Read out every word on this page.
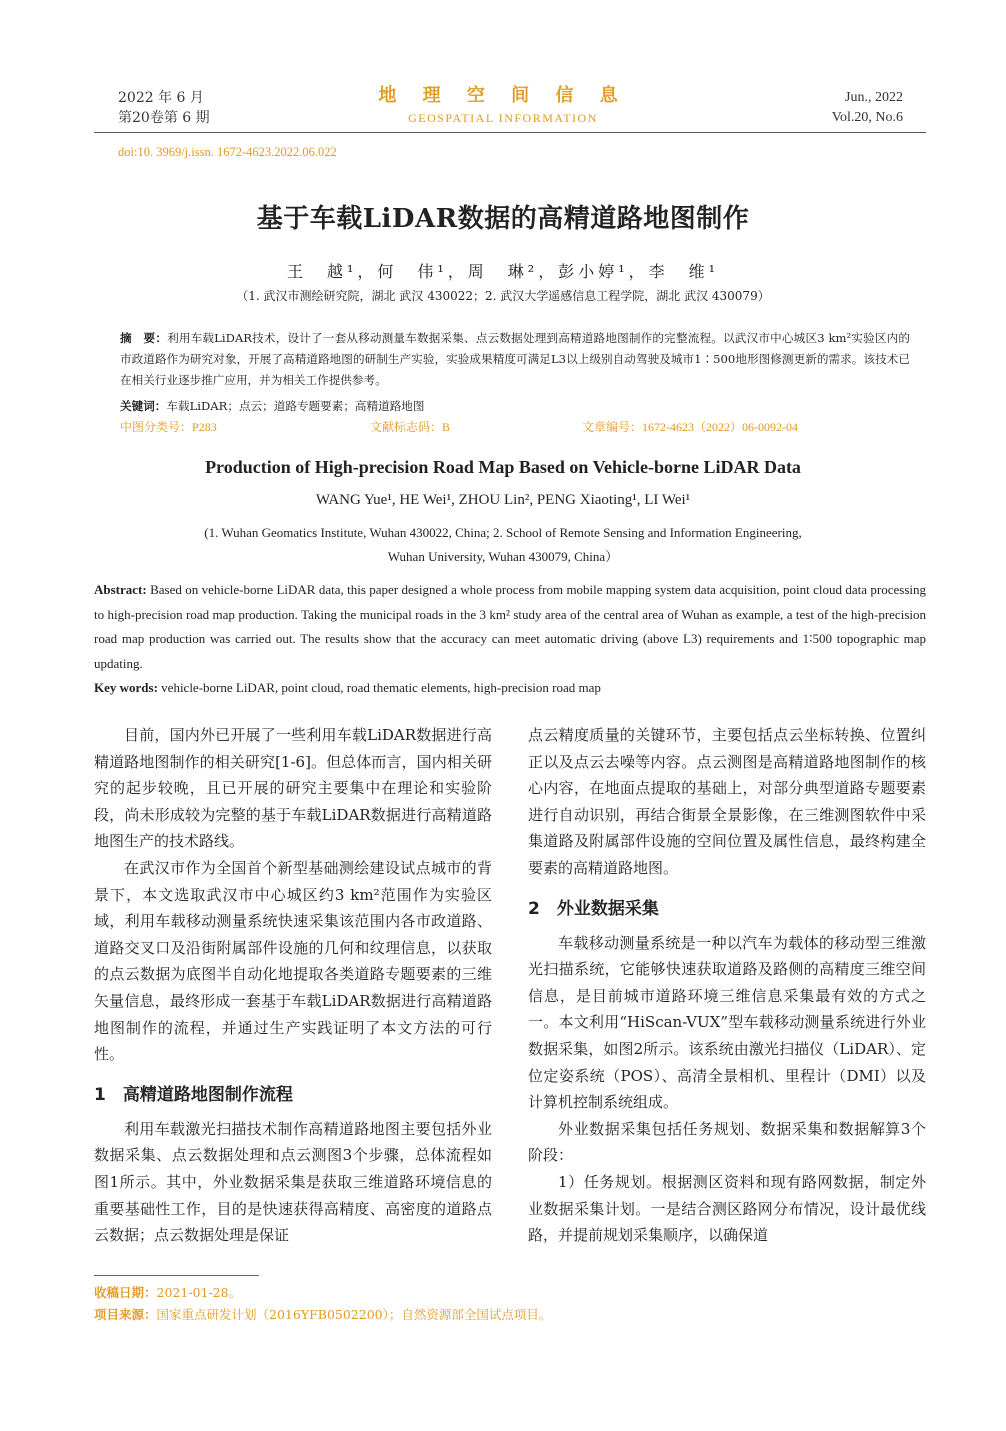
2022 年 6 月
第20卷第 6 期
地 理 空 间 信 息
GEOSPATIAL INFORMATION
Jun., 2022
Vol.20, No.6
doi:10. 3969/j.issn. 1672-4623.2022.06.022
基于车载LiDAR数据的高精道路地图制作
王　越¹，何　伟¹，周　琳²，彭小婷¹，李　维¹
（1. 武汉市测绘研究院，湖北 武汉 430022；2. 武汉大学遥感信息工程学院，湖北 武汉 430079）
摘　要：利用车载LiDAR技术，设计了一套从移动测量车数据采集、点云数据处理到高精道路地图制作的完整流程。以武汉市中心城区3 km²实验区内的市政道路作为研究对象，开展了高精道路地图的研制生产实验，实验成果精度可满足L3以上级别自动驾驶及城市1∶500地形图修测更新的需求。该技术已在相关行业逐步推广应用，并为相关工作提供参考。
关键词：车载LiDAR；点云；道路专题要素；高精道路地图
中图分类号：P283	文献标志码：B	文章编号：1672-4623（2022）06-0092-04
Production of High-precision Road Map Based on Vehicle-borne LiDAR Data
WANG Yue¹, HE Wei¹, ZHOU Lin², PENG Xiaoting¹, LI Wei¹
(1. Wuhan Geomatics Institute, Wuhan 430022, China; 2. School of Remote Sensing and Information Engineering,
Wuhan University, Wuhan 430079, China）
Abstract: Based on vehicle-borne LiDAR data, this paper designed a whole process from mobile mapping system data acquisition, point cloud data processing to high-precision road map production. Taking the municipal roads in the 3 km² study area of the central area of Wuhan as example, a test of the high-precision road map production was carried out. The results show that the accuracy can meet automatic driving (above L3) requirements and 1∶500 topographic map updating.
Key words: vehicle-borne LiDAR, point cloud, road thematic elements, high-precision road map

目前，国内外已开展了一些利用车载LiDAR数据进行高精道路地图制作的相关研究[1-6]。但总体而言，国内相关研究的起步较晚，且已开展的研究主要集中在理论和实验阶段，尚未形成较为完整的基于车载LiDAR数据进行高精道路地图生产的技术路线。

在武汉市作为全国首个新型基础测绘建设试点城市的背景下，本文选取武汉市中心城区约3 km²范围作为实验区域，利用车载移动测量系统快速采集该范围内各市政道路、道路交叉口及沿街附属部件设施的几何和纹理信息，以获取的点云数据为底图半自动化地提取各类道路专题要素的三维矢量信息，最终形成一套基于车载LiDAR数据进行高精道路地图制作的流程，并通过生产实践证明了本文方法的可行性。

1　高精道路地图制作流程

利用车载激光扫描技术制作高精道路地图主要包括外业数据采集、点云数据处理和点云测图3个步骤，总体流程如图1所示。其中，外业数据采集是获取三维道路环境信息的重要基础性工作，目的是快速获得高精度、高密度的道路点云数据；点云数据处理是保证

点云精度质量的关键环节，主要包括点云坐标转换、位置纠正以及点云去噪等内容。点云测图是高精道路地图制作的核心内容，在地面点提取的基础上，对部分典型道路专题要素进行自动识别，再结合街景全景影像，在三维测图软件中采集道路及附属部件设施的空间位置及属性信息，最终构建全要素的高精道路地图。

2　外业数据采集

车载移动测量系统是一种以汽车为载体的移动型三维激光扫描系统，它能够快速获取道路及路侧的高精度三维空间信息，是目前城市道路环境三维信息采集最有效的方式之一。本文利用“HiScan-VUX”型车载移动测量系统进行外业数据采集，如图2所示。该系统由激光扫描仪（LiDAR）、定位定姿系统（POS）、高清全景相机、里程计（DMI）以及计算机控制系统组成。

外业数据采集包括任务规划、数据采集和数据解算3个阶段：

1）任务规划。根据测区资料和现有路网数据，制定外业数据采集计划。一是结合测区路网分布情况，设计最优线路，并提前规划采集顺序，以确保道

收稿日期：2021-01-28。
项目来源：国家重点研发计划（2016YFB0502200）；自然资源部全国试点项目。
